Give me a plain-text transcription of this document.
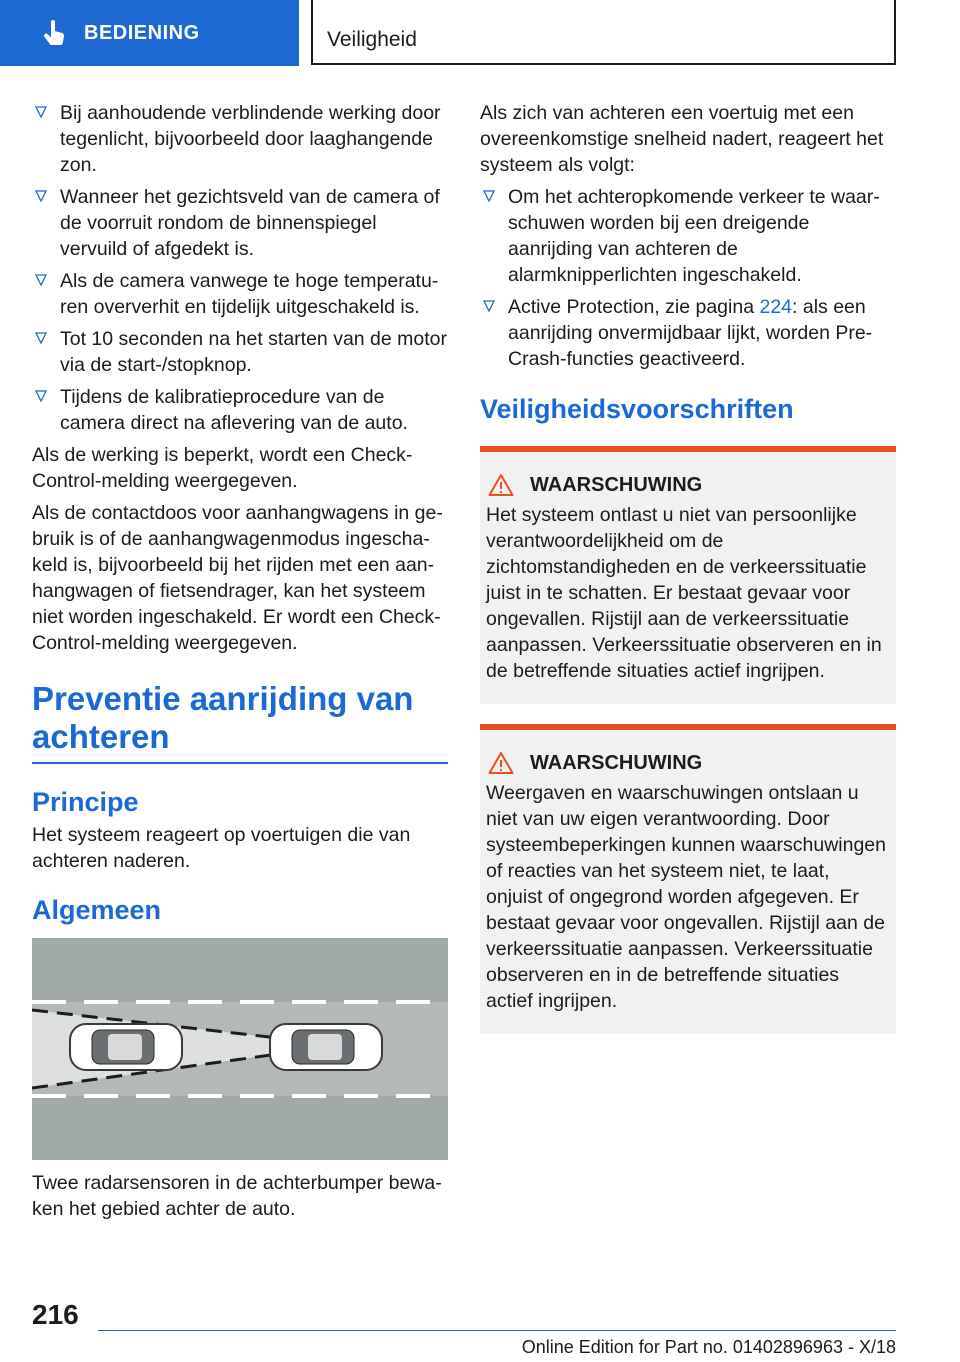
BEDIENING	Veiligheid
Bij aanhoudende verblindende werking door tegenlicht, bijvoorbeeld door laaghangende zon.
Wanneer het gezichtsveld van de camera of de voorruit rondom de binnenspiegel vervuild of afgedekt is.
Als de camera vanwege te hoge temperaturen oververhit en tijdelijk uitgeschakeld is.
Tot 10 seconden na het starten van de motor via de start-/stopknop.
Tijdens de kalibratieprocedure van de camera direct na aflevering van de auto.

Als de werking is beperkt, wordt een Check-Control-melding weergegeven.

Als de contactdoos voor aanhangwagens in gebruik is of de aanhangwagenmodus ingeschakeld is, bijvoorbeeld bij het rijden met een aanhangwagen of fietsendrager, kan het systeem niet worden ingeschakeld. Er wordt een Check-Control-melding weergegeven.

Preventie aanrijding van achteren
Principe

Het systeem reageert op voertuigen die van achteren naderen.

Algemeen

Twee radarsensoren in de achterbumper bewaken het gebied achter de auto.

Als zich van achteren een voertuig met een overeenkomstige snelheid nadert, reageert het systeem als volgt:

Om het achteropkomende verkeer te waarschuwen worden bij een dreigende aanrijding van achteren de alarmknipperlichten ingeschakeld.
Active Protection, zie pagina 224: als een aanrijding onvermijdbaar lijkt, worden Pre-Crash-functies geactiveerd.
Veiligheidsvoorschriften
WAARSCHUWING

Het systeem ontlast u niet van persoonlijke verantwoordelijkheid om de zichtomstandigheden en de verkeerssituatie juist in te schatten. Er bestaat gevaar voor ongevallen. Rijstijl aan de verkeerssituatie aanpassen. Verkeerssituatie observeren en in de betreffende situaties actief ingrijpen.

WAARSCHUWING

Weergaven en waarschuwingen ontslaan u niet van uw eigen verantwoording. Door systeembeperkingen kunnen waarschuwingen of reacties van het systeem niet, te laat, onjuist of ongegrond worden afgegeven. Er bestaat gevaar voor ongevallen. Rijstijl aan de verkeerssituatie aanpassen. Verkeerssituatie observeren en in de betreffende situaties actief ingrijpen.

216
Online Edition for Part no. 01402896963 - X/18
